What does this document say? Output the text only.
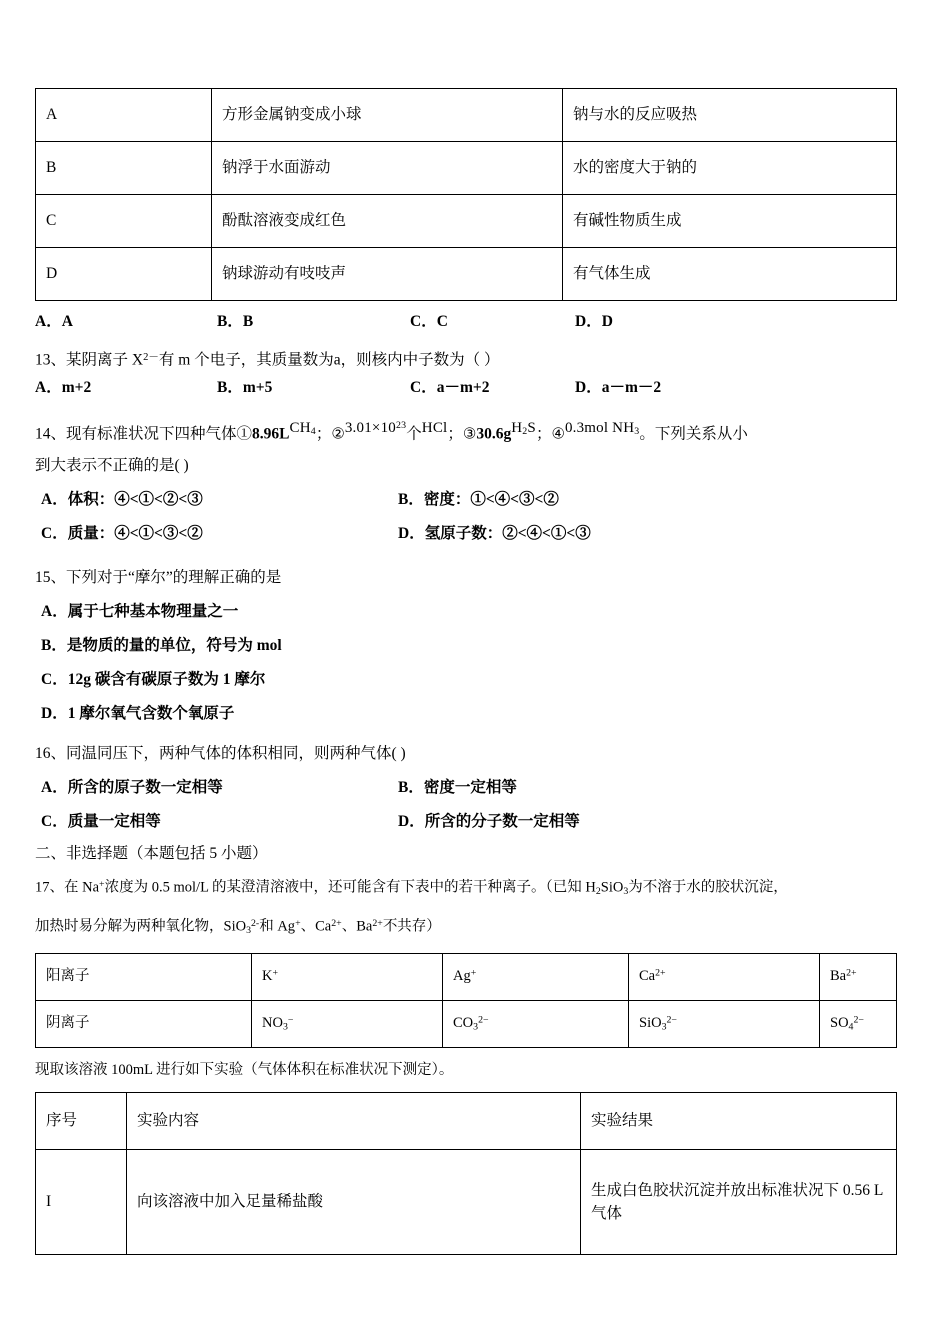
A	方形金属钠变成小球	钠与水的反应吸热
B	钠浮于水面游动	水的密度大于钠的
C	酚酞溶液变成红色	有碱性物质生成
D	钠球游动有吱吱声	有气体生成
A．A	B．B	C．C	D．D
13、某阴离子 $X^{2-}$有 m 个电子，其质量数为a，则核内中子数为（ ）
A．m+2	B．m+5	C．a－m+2	D．a－m－2
14、现有标准状况下四种气体$①8.96LCH_4$；$②3.01\times 10^{23}$个HCl；$③30.6gH_2S$；④0.3mol $NH_3$。下列关系从小
到大表示不正确的是( )
A．体积：④<①<②<③	B．密度：①<④<③<②
C．质量：④<①<③<②	D．氢原子数：②<④<①<③
15、下列对于“摩尔”的理解正确的是
A．属于七种基本物理量之一
B．是物质的量的单位，符号为 mol
C．12g 碳含有碳原子数为 1 摩尔
D．1 摩尔氧气含数个氧原子
16、同温同压下，两种气体的体积相同，则两种气体( )
A．所含的原子数一定相等	B．密度一定相等
C．质量一定相等	D．所含的分子数一定相等
二、非选择题（本题包括 5 小题）
17、在 Na+浓度为 0.5 mol/L 的某澄清溶液中，还可能含有下表中的若干种离子。（已知 $H_2SiO_3$为不溶于水的胶状沉淀，
加热时易分解为两种氧化物，SiO$_3^{2-}$和 Ag+、$Ca^{2+}$、$Ba^{2+}$不共存）
阳离子	K+	Ag+	$Ca^{2+}$	$Ba^{2+}$
阴离子	$NO_3^-$	$CO_3^{2-}$	SiO$_3^{2-}$	$SO_4^{2-}$
现取该溶液 100mL 进行如下实验（气体体积在标准状况下测定）。
序号	实验内容	实验结果
I	向该溶液中加入足量稀盐酸	生成白色胶状沉淀并放出标准状况下 0.56 L 气体
